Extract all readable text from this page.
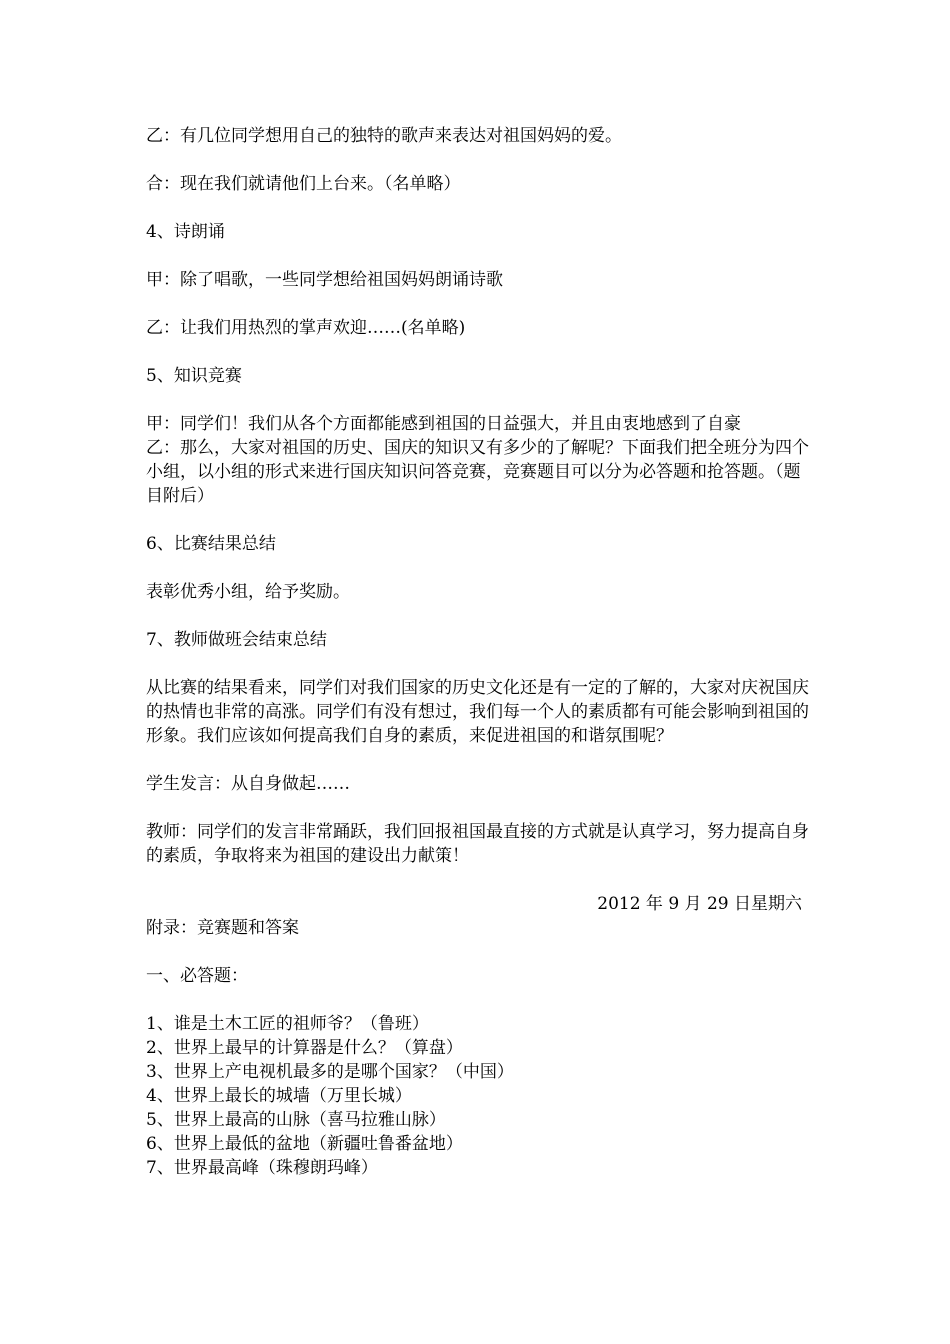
乙：有几位同学想用自己的独特的歌声来表达对祖国妈妈的爱。

合：现在我们就请他们上台来。（名单略）

4、诗朗诵

甲：除了唱歌，一些同学想给祖国妈妈朗诵诗歌

乙：让我们用热烈的掌声欢迎……(名单略)

5、知识竞赛

甲：同学们！我们从各个方面都能感到祖国的日益强大，并且由衷地感到了自豪

乙：那么，大家对祖国的历史、国庆的知识又有多少的了解呢？下面我们把全班分为四个小组，以小组的形式来进行国庆知识问答竞赛，竞赛题目可以分为必答题和抢答题。（题目附后）

6、比赛结果总结

表彰优秀小组，给予奖励。

7、教师做班会结束总结

从比赛的结果看来，同学们对我们国家的历史文化还是有一定的了解的，大家对庆祝国庆的热情也非常的高涨。同学们有没有想过，我们每一个人的素质都有可能会影响到祖国的形象。我们应该如何提高我们自身的素质，来促进祖国的和谐氛围呢？

学生发言：从自身做起……

教师：同学们的发言非常踊跃，我们回报祖国最直接的方式就是认真学习，努力提高自身的素质，争取将来为祖国的建设出力献策！

2012 年 9 月 29 日星期六

附录：竞赛题和答案

一、必答题：

1、谁是土木工匠的祖师爷？（鲁班）
2、世界上最早的计算器是什么？（算盘）
3、世界上产电视机最多的是哪个国家？（中国）
4、世界上最长的城墙（万里长城）
5、世界上最高的山脉（喜马拉雅山脉）
6、世界上最低的盆地（新疆吐鲁番盆地）
7、世界最高峰（珠穆朗玛峰）
